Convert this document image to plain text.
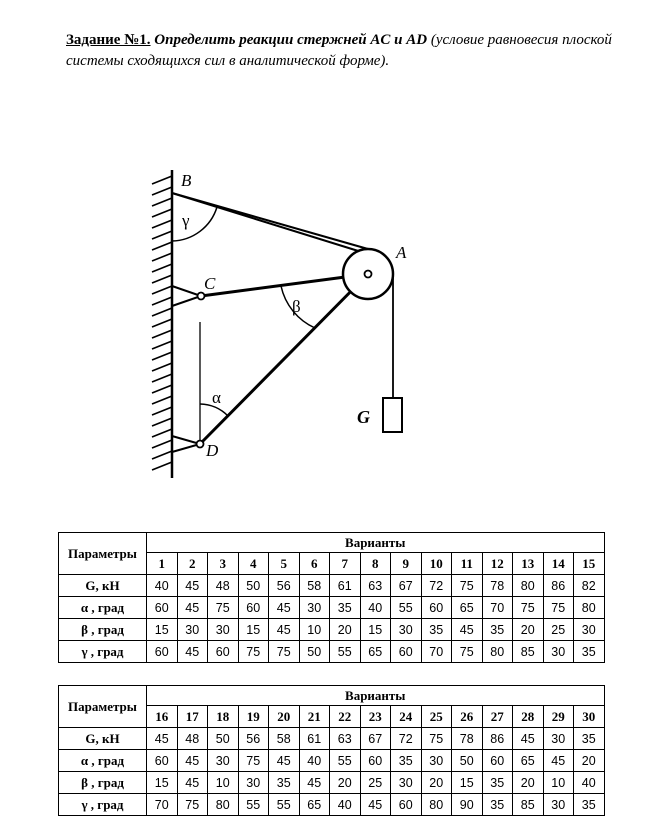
Задание №1. Определить реакции стержней AC и AD (условие равновесия плоской системы сходящихся сил в аналитической форме).
B
A
C
D
G
γ
β
α
Параметры	Варианты														
	1	2	3	4	5	6	7	8	9	10	11	12	13	14	15
G, кН	40	45	48	50	56	58	61	63	67	72	75	78	80	86	82
α , град	60	45	75	60	45	30	35	40	55	60	65	70	75	75	80
β , град	15	30	30	15	45	10	20	15	30	35	45	35	20	25	30
γ , град	60	45	60	75	75	50	55	65	60	70	75	80	85	30	35
Параметры	Варианты														
	16	17	18	19	20	21	22	23	24	25	26	27	28	29	30
G, кН	45	48	50	56	58	61	63	67	72	75	78	86	45	30	35
α , град	60	45	30	75	45	40	55	60	35	30	50	60	65	45	20
β , град	15	45	10	30	35	45	20	25	30	20	15	35	20	10	40
γ , град	70	75	80	55	55	65	40	45	60	80	90	35	85	30	35
